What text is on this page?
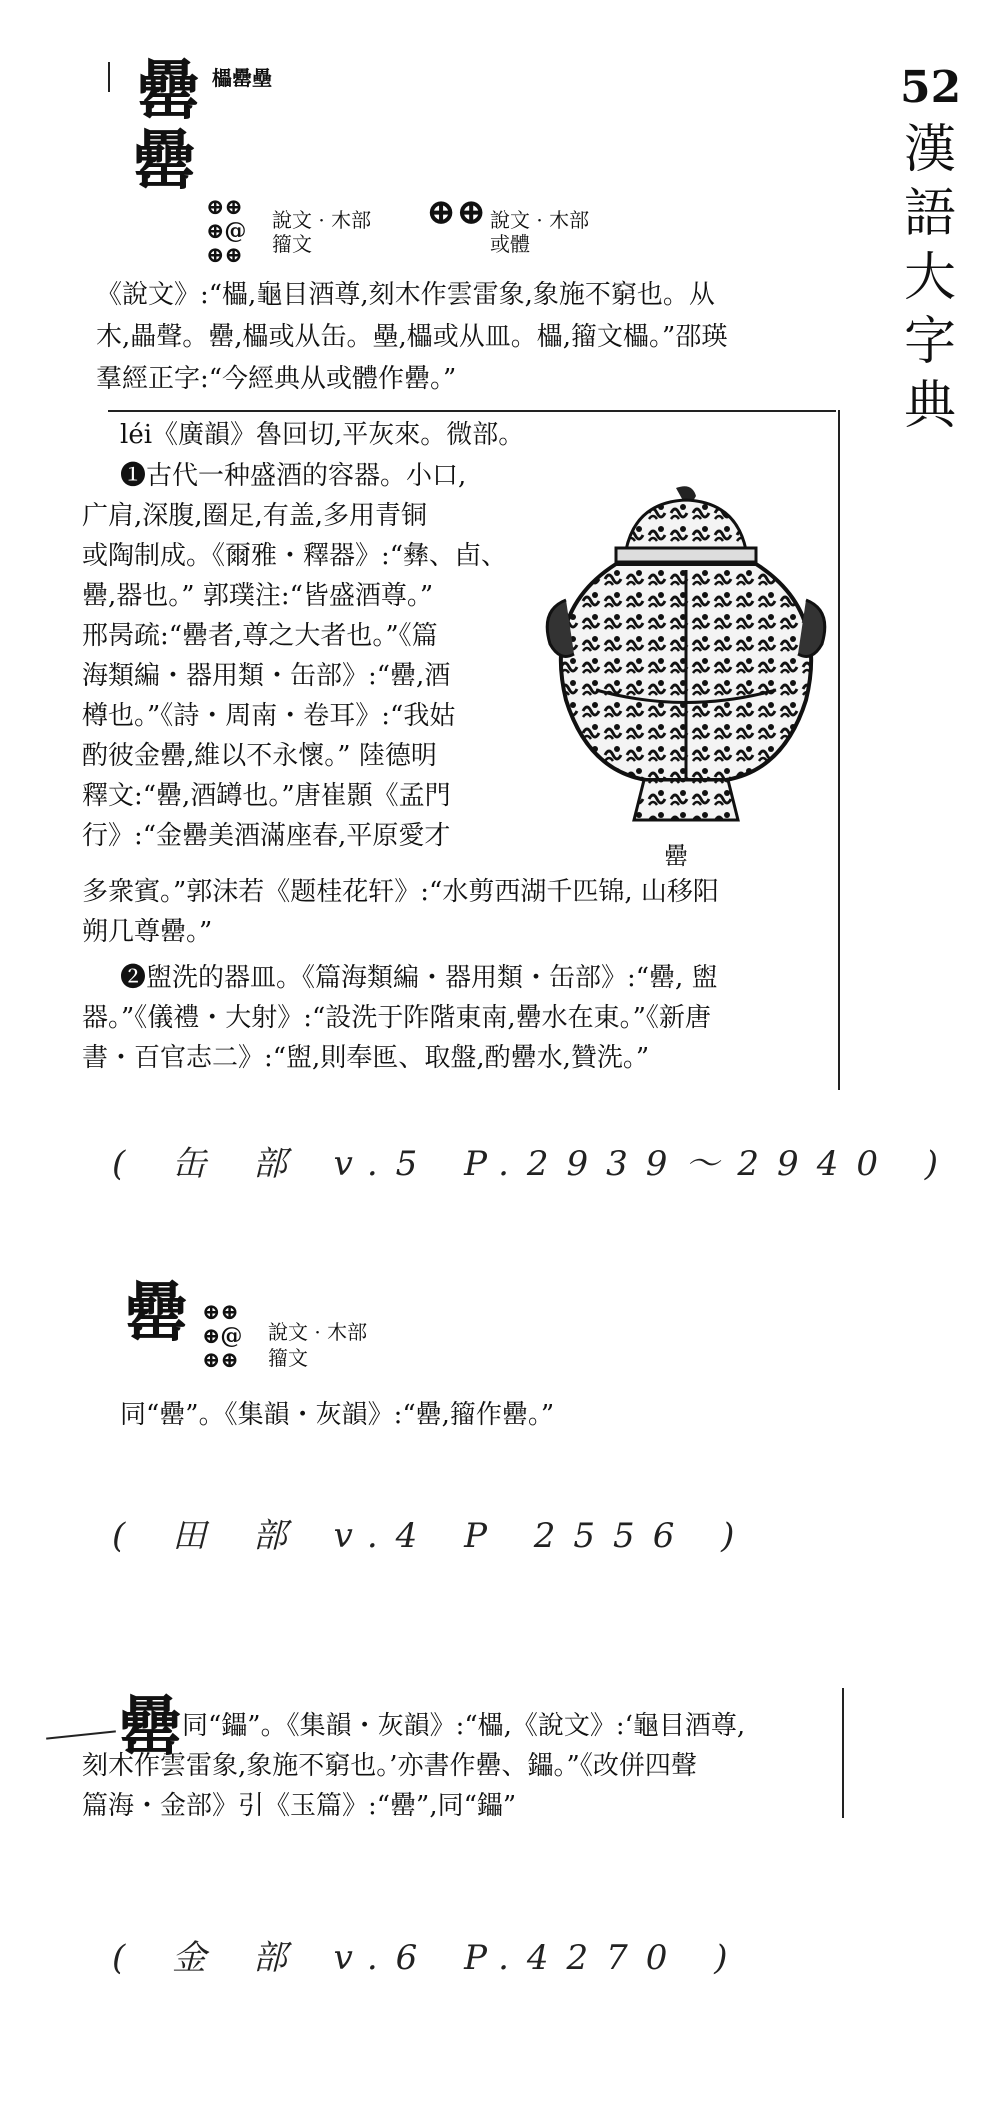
52
漢
語
大
字
典
罍
罍
櫑罍壘
⊕⊕
⊕@
⊕⊕
說文 · 木部
籀文
⊕⊕ 說文 · 木部
或體

《說文》:“櫑,龜目酒尊,刻木作雲雷象,象施不窮也。从

木,畾聲。罍,櫑或从缶。壘,櫑或从皿。櫑,籀文櫑。”邵瑛

羣經正字:“今經典从或體作罍。”

léi《廣韻》魯回切,平灰來。微部。

❶古代一种盛酒的容器。小口,

广肩,深腹,圈足,有盖,多用青铜

或陶制成。《爾雅・釋器》:“彝、卣、

罍,器也。” 郭璞注:“皆盛酒尊。”

邢昺疏:“罍者,尊之大者也。”《篇

海類編・器用類・缶部》:“罍,酒

樽也。”《詩・周南・卷耳》:“我姑

酌彼金罍,維以不永懷。” 陸德明

釋文:“罍,酒罇也。”唐崔顥《孟門

行》:“金罍美酒滿座春,平原愛才

罍

多衆賓。”郭沫若《题桂花轩》:“水剪西湖千匹锦, 山移阳

朔几尊罍。”

❷盥洗的器皿。《篇海類編・器用類・缶部》:“罍, 盥

器。”《儀禮・大射》:“設洗于阼階東南,罍水在東。”《新唐

書・百官志二》:“盥,則奉匜、取盤,酌罍水,贊洗。”

( 缶 部 v.5 P.2939～2940 )
罍 ⊕⊕
⊕@
⊕⊕
說文 · 木部
籀文
同“罍”。《集韻・灰韻》:“罍,籀作罍。”
( 田 部 v.4 P 2556 )
罍 同“鑘”。《集韻・灰韻》:“櫑,《說文》:‘龜目酒尊,

刻木作雲雷象,象施不窮也。’亦書作罍、鑘。”《改併四聲

篇海・金部》引《玉篇》:“罍”,同“鑘”

( 金 部 v.6 P.4270 )
